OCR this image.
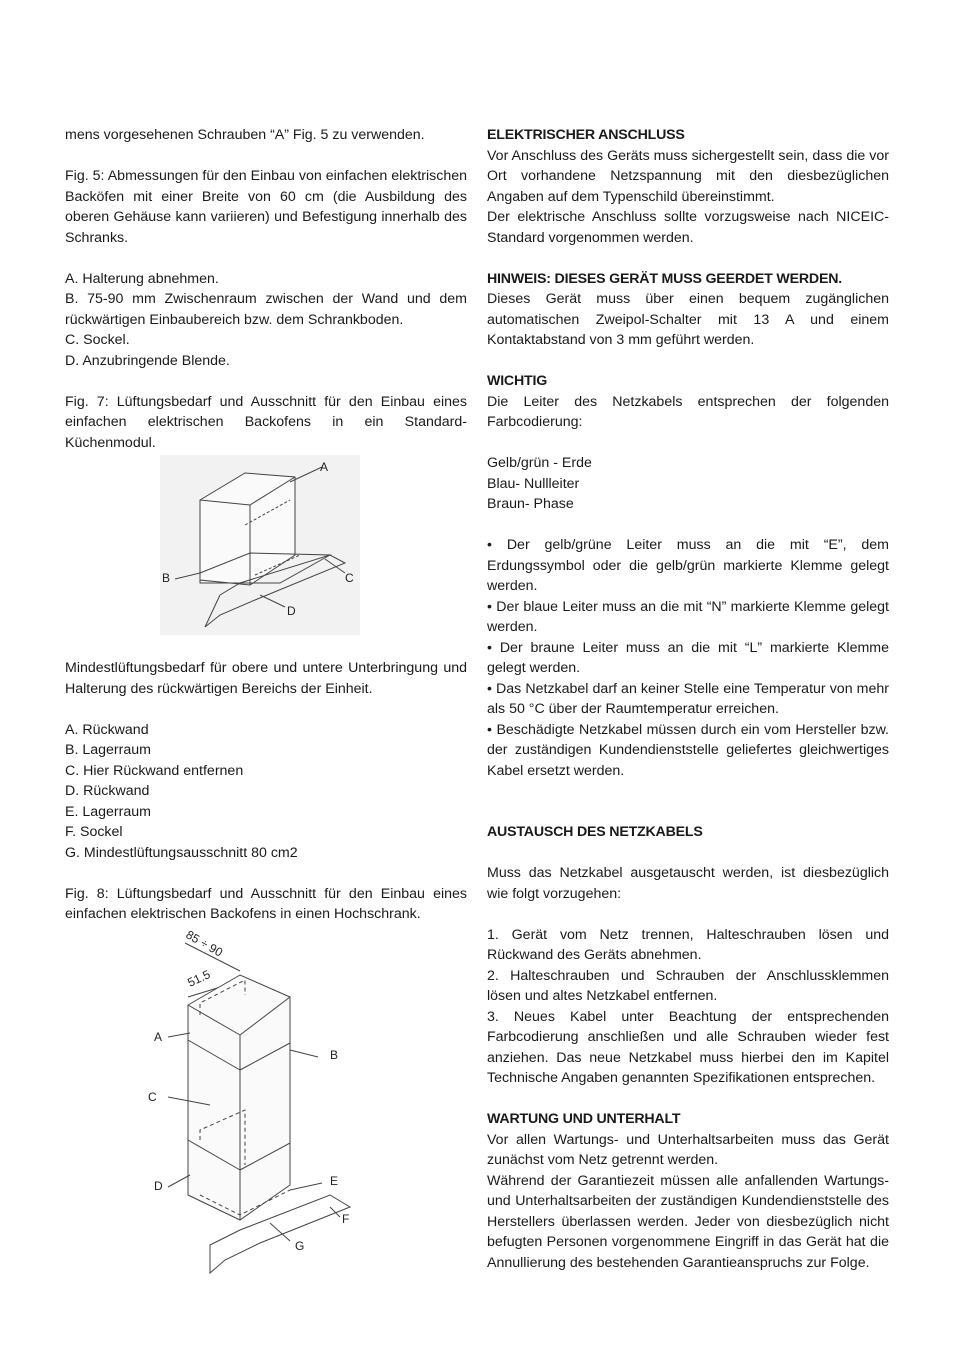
mens vorgesehenen Schrauben “A” Fig. 5 zu verwenden.

Fig. 5: Abmessungen für den Einbau von einfachen elektrischen Backöfen mit einer Breite von 60 cm (die Ausbildung des oberen Gehäuse kann variieren) und Befestigung innerhalb des Schranks.

A. Halterung abnehmen.

B. 75-90 mm Zwischenraum zwischen der Wand und dem rückwärtigen Einbaubereich bzw. dem Schrankboden.

C. Sockel.

D. Anzubringende Blende.

Fig. 7: Lüftungsbedarf und Ausschnitt für den Einbau eines einfachen elektrischen Backofens in ein Standard-Küchenmodul.

A
B	C
D

Mindestlüftungsbedarf für obere und untere Unterbringung und Halterung des rückwärtigen Bereichs der Einheit.

A. Rückwand

B. Lagerraum

C. Hier Rückwand entfernen

D. Rückwand

E. Lagerraum

F. Sockel

G. Mindestlüftungsausschnitt 80 cm2

Fig. 8: Lüftungsbedarf und Ausschnitt für den Einbau eines einfachen elektrischen Backofens in einen Hochschrank.

85 ÷ 90
51.5
A
B
C
D	E
F
G

ELEKTRISCHER ANSCHLUSS

Vor Anschluss des Geräts muss sichergestellt sein, dass die vor Ort vorhandene Netzspannung mit den diesbezüglichen Angaben auf dem Typenschild übereinstimmt.

Der elektrische Anschluss sollte vorzugsweise nach NICEIC-Standard vorgenommen werden.

HINWEIS: DIESES GERÄT MUSS GEERDET WERDEN.

Dieses Gerät muss über einen bequem zugänglichen automatischen Zweipol-Schalter mit 13 A und einem Kontaktabstand von 3 mm geführt werden.

WICHTIG

Die Leiter des Netzkabels entsprechen der folgenden Farbcodierung:

Gelb/grün - Erde

Blau- Nullleiter

Braun- Phase

• Der gelb/grüne Leiter muss an die mit “E”, dem Erdungssymbol oder die gelb/grün markierte Klemme gelegt werden.

• Der blaue Leiter muss an die mit “N” markierte Klemme gelegt werden.

• Der braune Leiter muss an die mit “L” markierte Klemme gelegt werden.

• Das Netzkabel darf an keiner Stelle eine Temperatur von mehr als 50 °C über der Raumtemperatur erreichen.

• Beschädigte Netzkabel müssen durch ein vom Hersteller bzw. der zuständigen Kundendienststelle geliefertes gleichwertiges Kabel ersetzt werden.

AUSTAUSCH DES NETZKABELS

Muss das Netzkabel ausgetauscht werden, ist diesbezüglich wie folgt vorzugehen:

1. Gerät vom Netz trennen, Halteschrauben lösen und Rückwand des Geräts abnehmen.

2. Halteschrauben und Schrauben der Anschlussklemmen lösen und altes Netzkabel entfernen.

3. Neues Kabel unter Beachtung der entsprechenden Farbcodierung anschließen und alle Schrauben wieder fest anziehen. Das neue Netzkabel muss hierbei den im Kapitel Technische Angaben genannten Spezifikationen entsprechen.

WARTUNG UND UNTERHALT

Vor allen Wartungs- und Unterhaltsarbeiten muss das Gerät zunächst vom Netz getrennt werden.

Während der Garantiezeit müssen alle anfallenden Wartungs- und Unterhaltsarbeiten der zuständigen Kundendienststelle des Herstellers überlassen werden. Jeder von diesbezüglich nicht befugten Personen vorgenommene Eingriff in das Gerät hat die Annullierung des bestehenden Garantieanspruchs zur Folge.
